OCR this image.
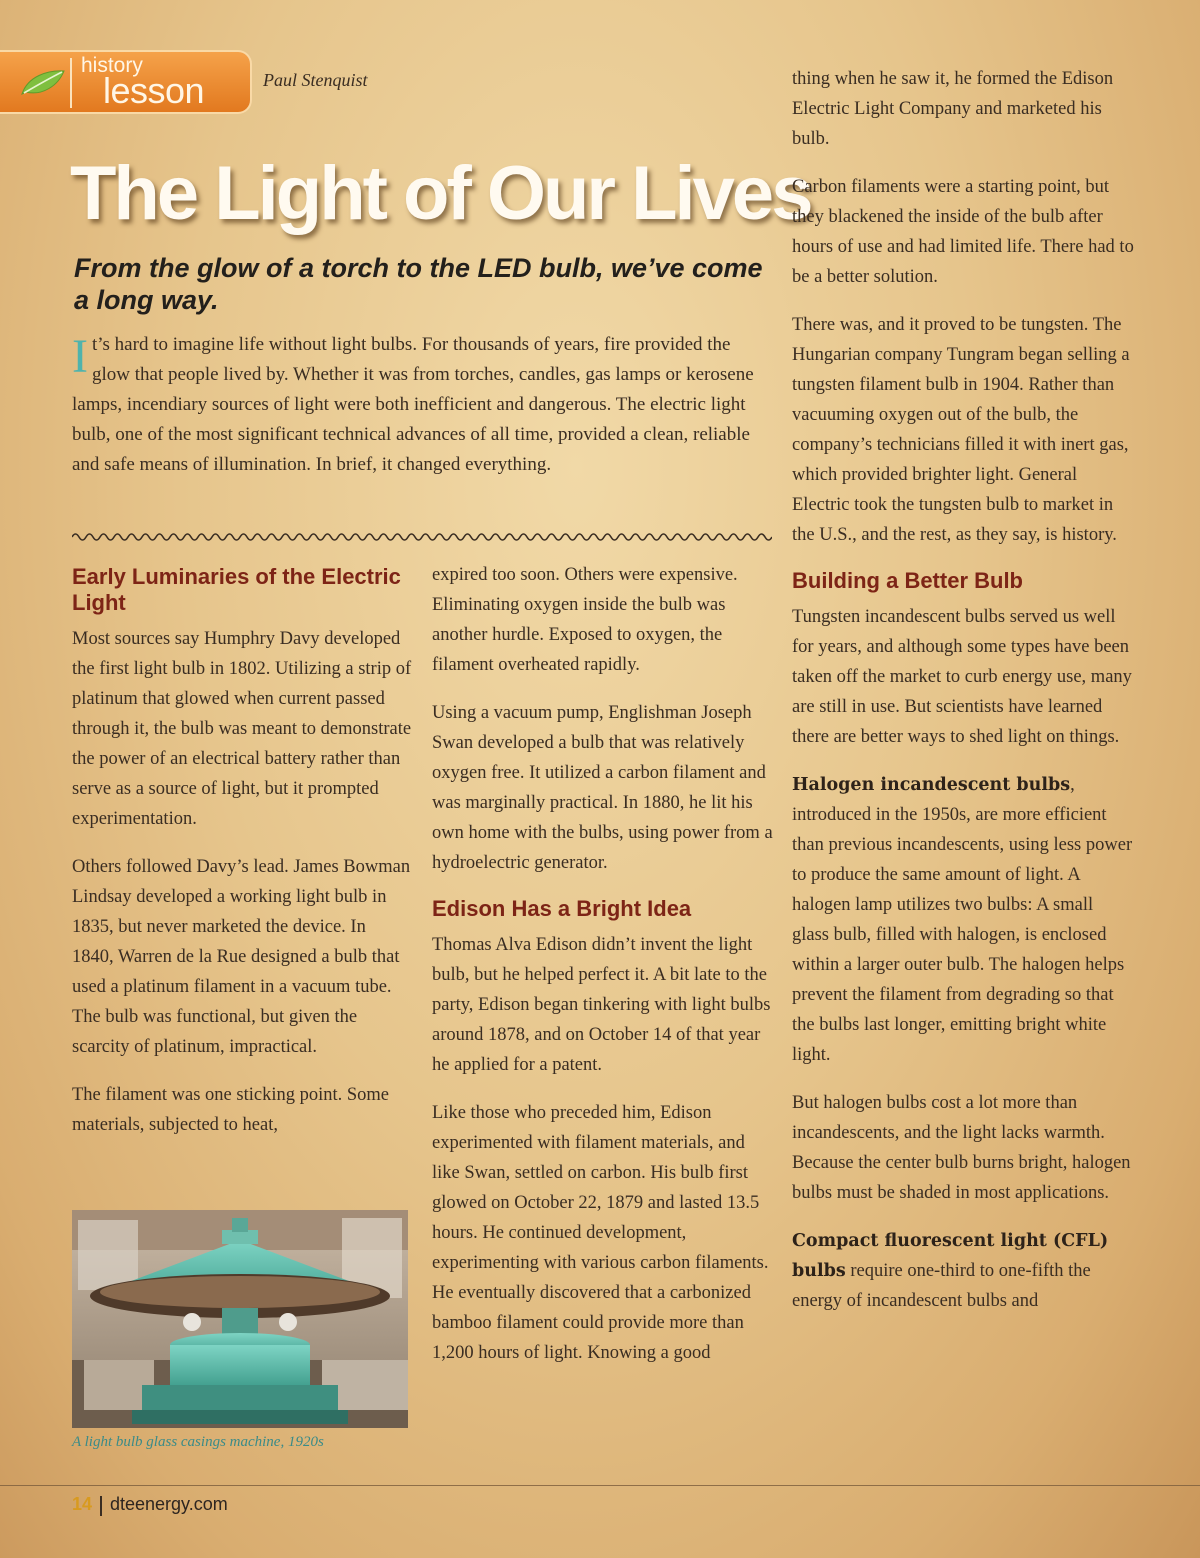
history
lesson	Paul Stenquist
The Light of Our Lives

From the glow of a torch to the LED bulb, we’ve come a long way.

It’s hard to imagine life without light bulbs. For thousands of years, fire provided the glow that people lived by. Whether it was from torches, candles, gas lamps or kerosene lamps, incendiary sources of light were both inefficient and dangerous. The electric light bulb, one of the most significant technical advances of all time, provided a clean, reliable and safe means of illumination. In brief, it changed everything.

Early Luminaries of the Electric Light

Most sources say Humphry Davy developed the first light bulb in 1802. Utilizing a strip of platinum that glowed when current passed through it, the bulb was meant to demonstrate the power of an electrical battery rather than serve as a source of light, but it prompted experimentation.

Others followed Davy’s lead. James Bowman Lindsay developed a working light bulb in 1835, but never marketed the device. In 1840, Warren de la Rue designed a bulb that used a platinum filament in a vacuum tube. The bulb was functional, but given the scarcity of platinum, impractical.

The filament was one sticking point. Some materials, subjected to heat,

A light bulb glass casings machine, 1920s

expired too soon. Others were expensive. Eliminating oxygen inside the bulb was another hurdle. Exposed to oxygen, the filament overheated rapidly.

Using a vacuum pump, Englishman Joseph Swan developed a bulb that was relatively oxygen free. It utilized a carbon filament and was marginally practical. In 1880, he lit his own home with the bulbs, using power from a hydroelectric generator.

Edison Has a Bright Idea

Thomas Alva Edison didn’t invent the light bulb, but he helped perfect it. A bit late to the party, Edison began tinkering with light bulbs around 1878, and on October 14 of that year he applied for a patent.

Like those who preceded him, Edison experimented with filament materials, and like Swan, settled on carbon. His bulb first glowed on October 22, 1879 and lasted 13.5 hours. He continued development, experimenting with various carbon filaments. He eventually discovered that a carbonized bamboo filament could provide more than 1,200 hours of light. Knowing a good

thing when he saw it, he formed the Edison Electric Light Company and marketed his bulb.

Carbon filaments were a starting point, but they blackened the inside of the bulb after hours of use and had limited life. There had to be a better solution.

There was, and it proved to be tungsten. The Hungarian company Tungram began selling a tungsten filament bulb in 1904. Rather than vacuuming oxygen out of the bulb, the company’s technicians filled it with inert gas, which provided brighter light. General Electric took the tungsten bulb to market in the U.S., and the rest, as they say, is history.

Building a Better Bulb

Tungsten incandescent bulbs served us well for years, and although some types have been taken off the market to curb energy use, many are still in use. But scientists have learned there are better ways to shed light on things.

Halogen incandescent bulbs, introduced in the 1950s, are more efficient than previous incandescents, using less power to produce the same amount of light. A halogen lamp utilizes two bulbs: A small glass bulb, filled with halogen, is enclosed within a larger outer bulb. The halogen helps prevent the filament from degrading so that the bulbs last longer, emitting bright white light.

But halogen bulbs cost a lot more than incandescents, and the light lacks warmth. Because the center bulb burns bright, halogen bulbs must be shaded in most applications.

Compact fluorescent light (CFL) bulbs require one-third to one-fifth the energy of incandescent bulbs and

14 dteenergy.com
